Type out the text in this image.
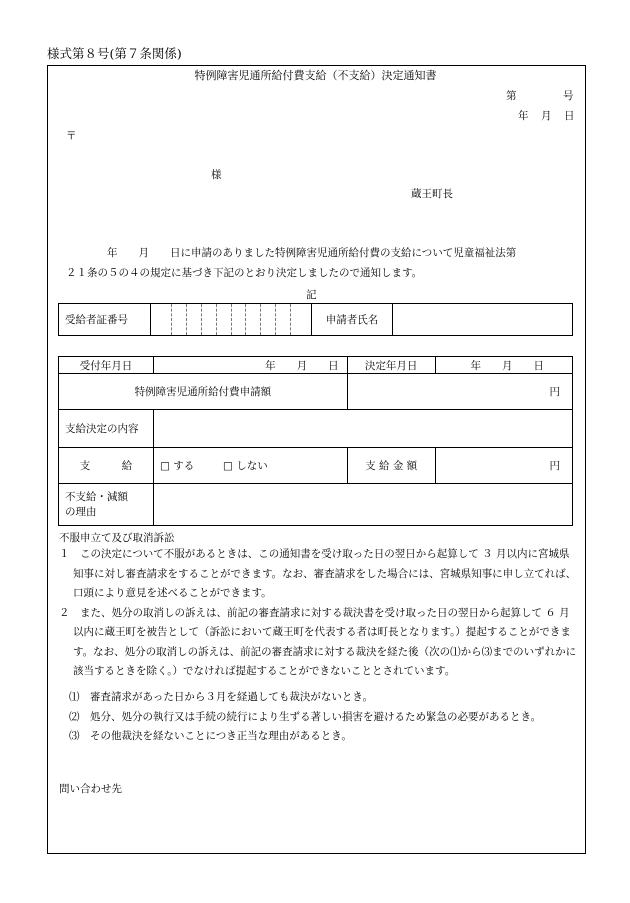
様式第８号(第７条関係)
特例障害児通所給付費支給（不支給）決定通知書
第	号
年 月 日
〒
様
蔵王町長
年　　月　　日に申請のありました特例障害児通所給付費の支給について児童福祉法第
２１条の５の４の規定に基づき下記のとおり決定しましたので通知します。
記
受給者証番号		申請者氏名	
受付年月日	年　　月　　日	決定年月日	年　　月　　日
特例障害児通所給付費申請額		円	
支給決定の内容			
支　　　給	□ する □ しない	支 給 金 額	円
不支給・減額
の理由			
不服申立て及び取消訴訟
１　 この決定について不服があるときは、この通知書を受け取った日の翌日から起算して ３ 月以内に宮城県知事に対し審査請求をすることができます。なお、審査請求をした場合には、宮城県知事に申し立てれば、口頭により意見を述べることができます。
２　 また、処分の取消しの訴えは、前記の審査請求に対する裁決書を受け取った日の翌日から起算して ６ 月以内に蔵王町を被告として（訴訟において蔵王町を代表する者は町長となります。）提起することができます。なお、処分の取消しの訴えは、前記の審査請求に対する裁決を経た後（次の⑴から⑶までのいずれかに該当するときを除く。）でなければ提起することができないこととされています。
⑴　 審査請求があった日から３月を経過しても裁決がないとき。
⑵　 処分、処分の執行又は手続の続行により生ずる著しい損害を避けるため緊急の必要があるとき。
⑶　 その他裁決を経ないことにつき正当な理由があるとき。
問い合わせ先
